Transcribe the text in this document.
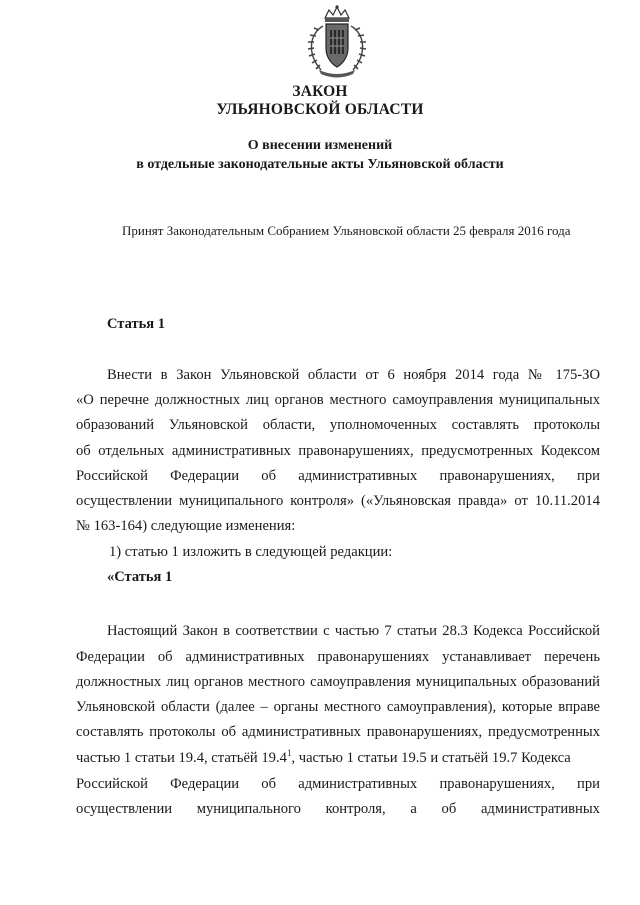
ЗАКОН
УЛЬЯНОВСКОЙ ОБЛАСТИ
О внесении изменений
в отдельные законодательные акты Ульяновской области
Принят Законодательным Собранием Ульяновской области 25 февраля 2016 года
Статья 1
Внести в Закон Ульяновской области от 6 ноября 2014 года № 175-ЗО
«О перечне должностных лиц органов местного самоуправления муниципальных
образований Ульяновской области, уполномоченных составлять протоколы
об отдельных административных правонарушениях, предусмотренных Кодексом
Российской Федерации об административных правонарушениях, при
осуществлении муниципального контроля» («Ульяновская правда» от 10.11.2014
№ 163-164) следующие изменения:
1) статью 1 изложить в следующей редакции:
«Статья 1
Настоящий Закон в соответствии с частью 7 статьи 28.3 Кодекса Российской
Федерации об административных правонарушениях устанавливает перечень
должностных лиц органов местного самоуправления муниципальных образований
Ульяновской области (далее – органы местного самоуправления), которые вправе
составлять протоколы об административных правонарушениях, предусмотренных
частью 1 статьи 19.4, статьёй 19.4$^1$, частью 1 статьи 19.5 и статьёй 19.7 Кодекса
Российской Федерации об административных правонарушениях, при
осуществлении муниципального контроля, а об административных
